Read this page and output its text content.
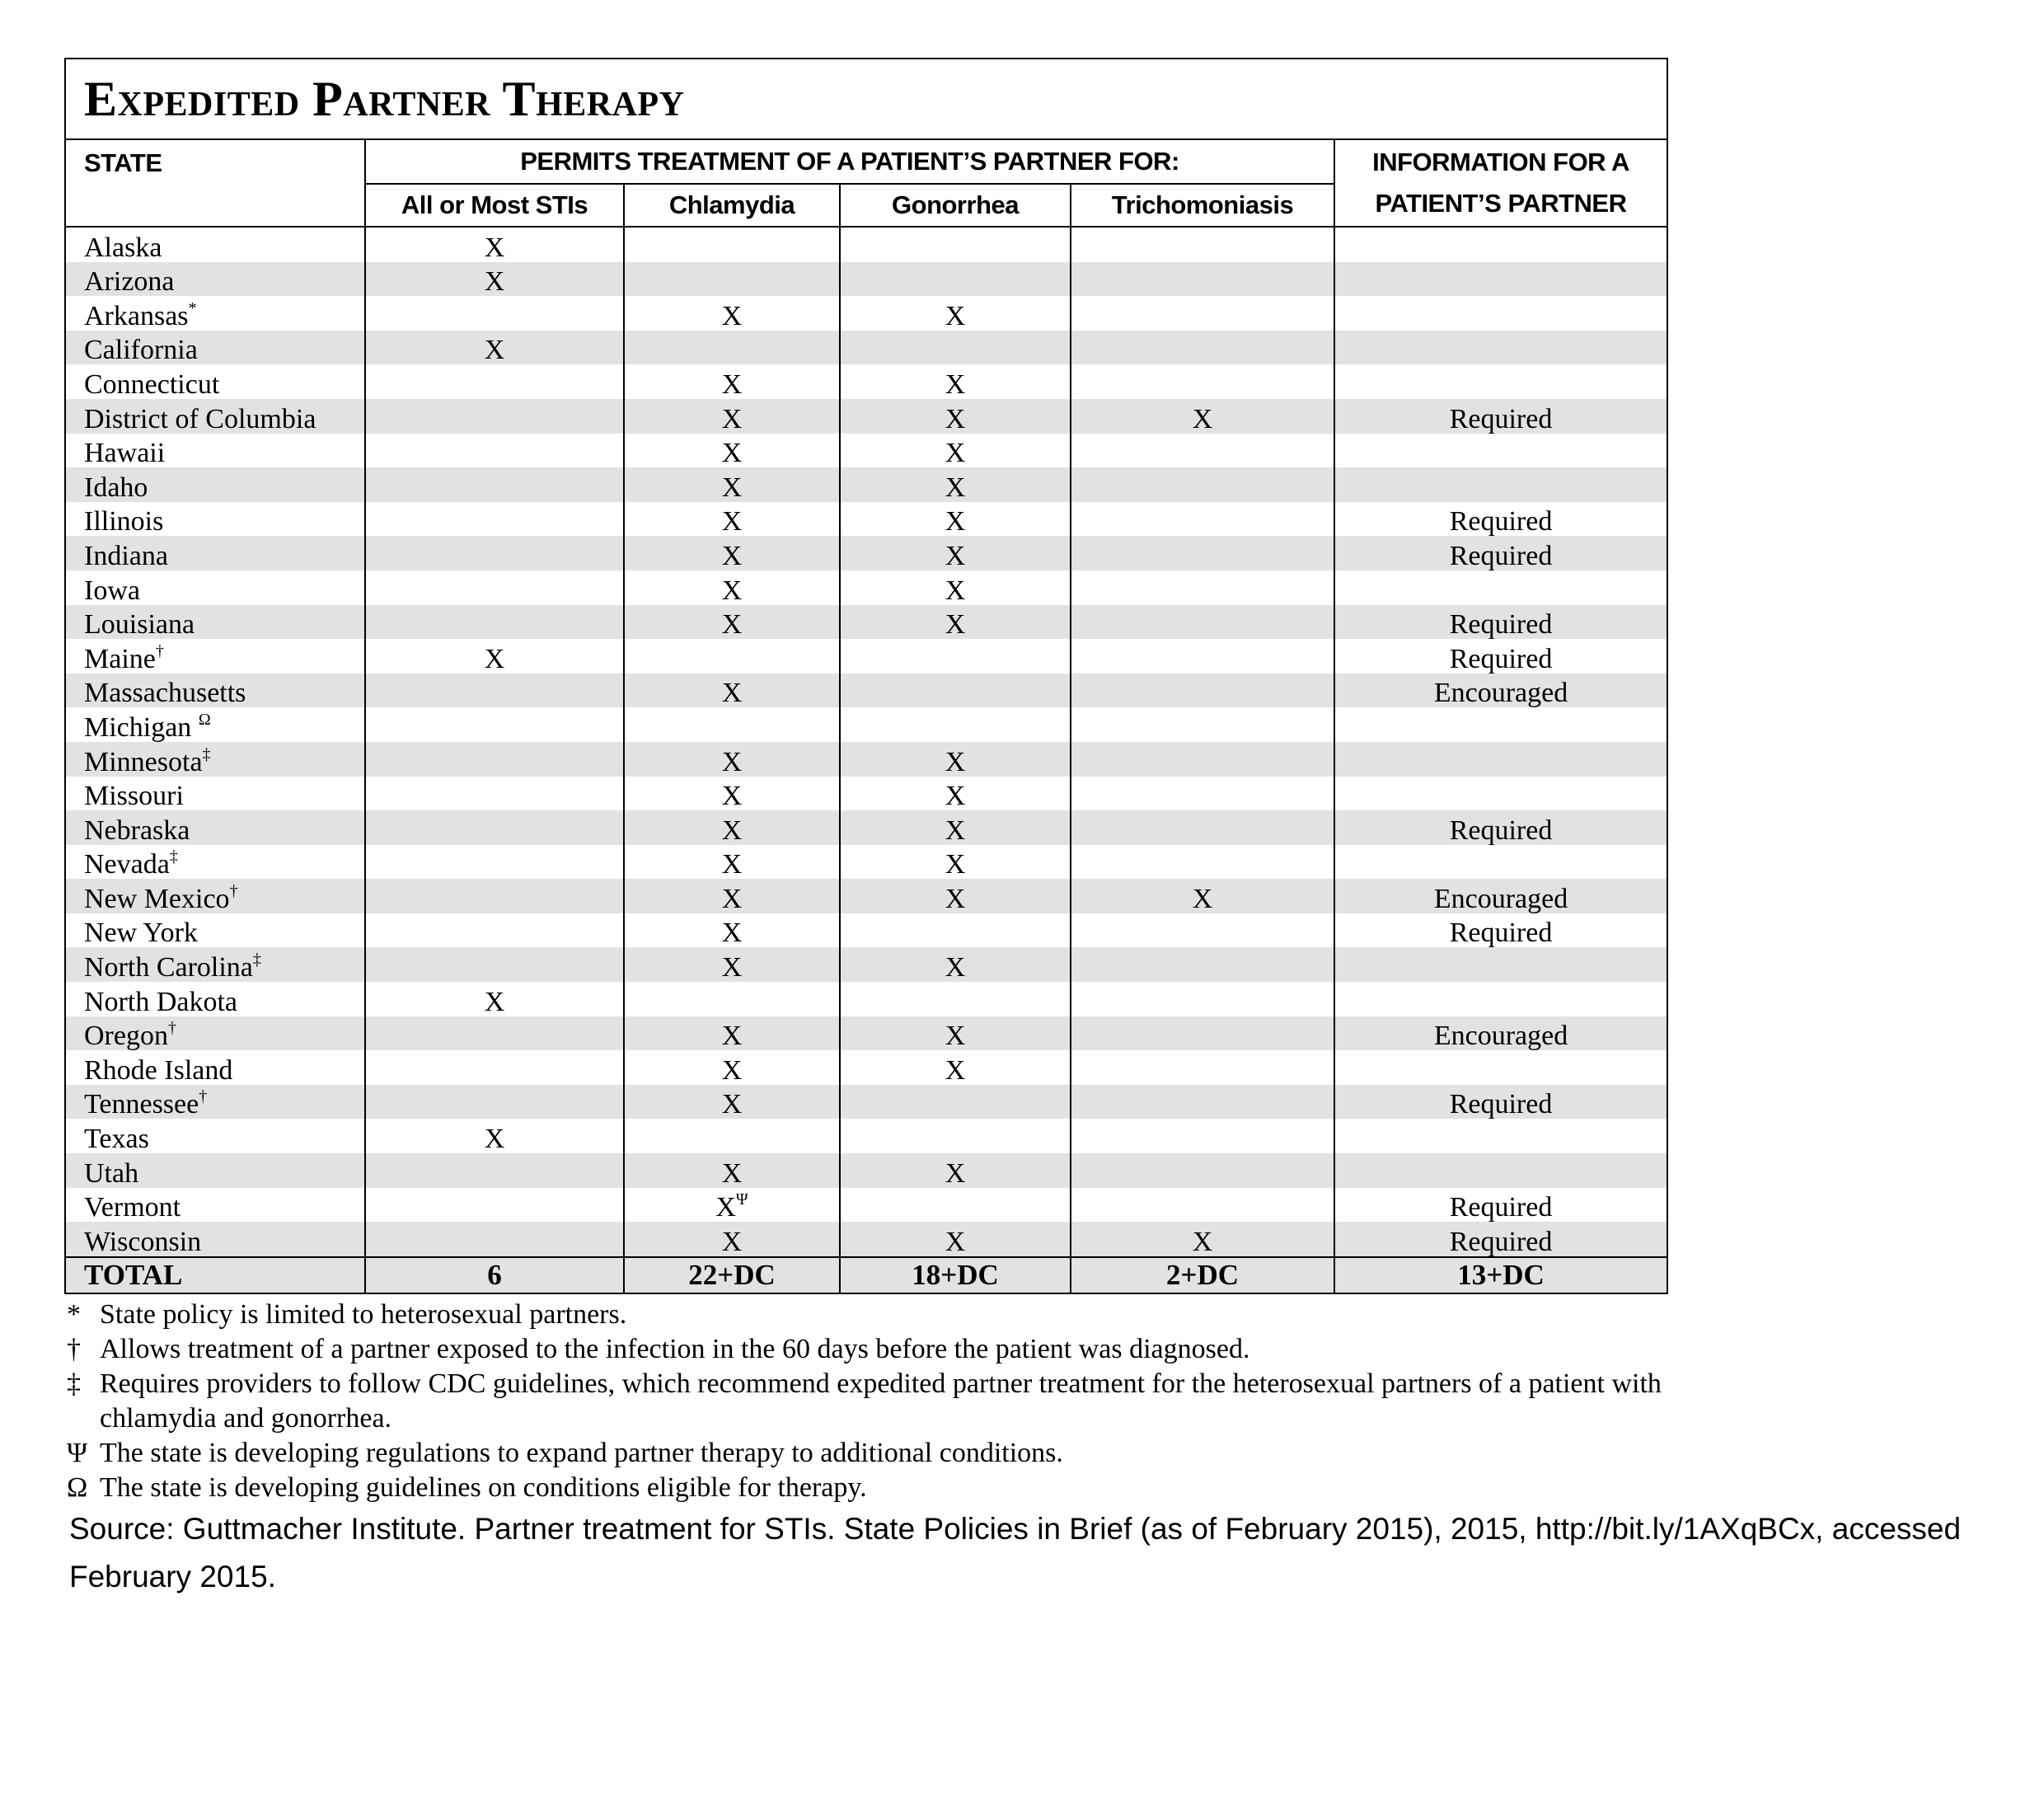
Expedited Partner Therapy					
STATE	PERMITS TREATMENT OF A PATIENT’S PARTNER FOR:				INFORMATION FOR A
PATIENT’S PARTNER
	All or Most STIs	Chlamydia	Gonorrhea	Trichomoniasis	
Alaska	X				
Arizona	X				
Arkansas*		X	X		
California	X				
Connecticut		X	X		
District of Columbia		X	X	X	Required
Hawaii		X	X		
Idaho		X	X		
Illinois		X	X		Required
Indiana		X	X		Required
Iowa		X	X		
Louisiana		X	X		Required
Maine†	X				Required
Massachusetts		X			Encouraged
Michigan $^\Omega$					
Minnesota‡		X	X		
Missouri		X	X		
Nebraska		X	X		Required
Nevada‡		X	X		
New Mexico†		X	X	X	Encouraged
New York		X			Required
North Carolina‡		X	X		
North Dakota	X				
Oregon†		X	X		Encouraged
Rhode Island		X	X		
Tennessee†		X			Required
Texas	X				
Utah		X	X		
Vermont		$X^\Psi$			Required
Wisconsin		X	X	X	Required
TOTAL	6	22+DC	18+DC	2+DC	13+DC
* State policy is limited to heterosexual partners.
† Allows treatment of a partner exposed to the infection in the 60 days before the patient was diagnosed.
‡ Requires providers to follow CDC guidelines, which recommend expedited partner treatment for the heterosexual partners of a patient with chlamydia and gonorrhea.
Ψ The state is developing regulations to expand partner therapy to additional conditions.
Ω The state is developing guidelines on conditions eligible for therapy.
Source: Guttmacher Institute. Partner treatment for STIs. State Policies in Brief (as of February 2015), 2015, http://bit.ly/1AXqBCx, accessed February 2015.
